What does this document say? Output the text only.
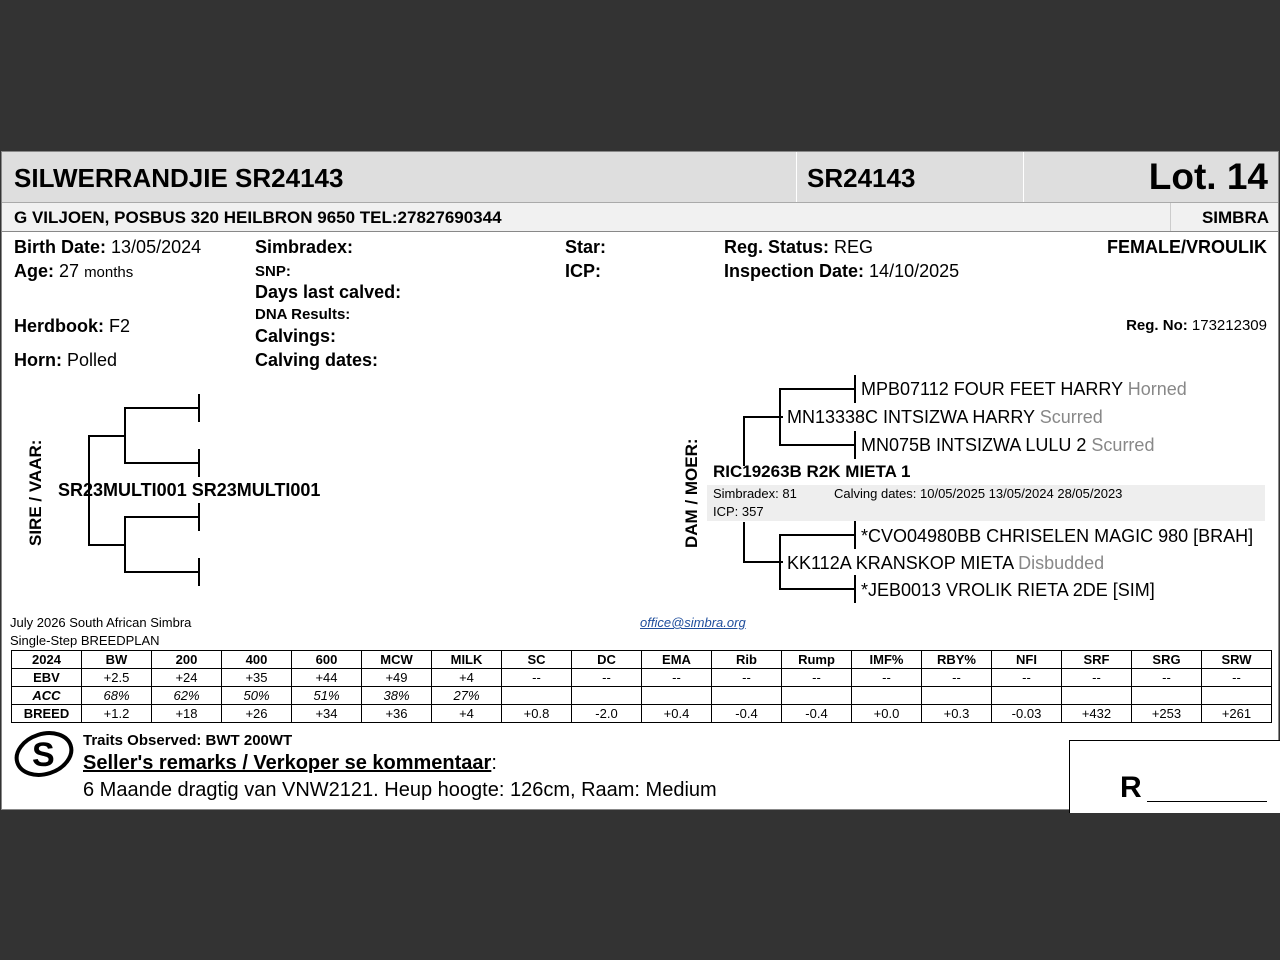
SILWERRANDJIE SR24143	SR24143	Lot. 14
G VILJOEN, POSBUS 320 HEILBRON 9650 TEL:27827690344	SIMBRA
Birth Date: 13/05/2024
Age: 27 months
Herdbook: F2
Horn: Polled
Simbradex:
SNP:
Days last calved:
DNA Results:
Calvings:
Calving dates:
Star:
ICP:
Reg. Status: REG
Inspection Date: 14/10/2025
FEMALE/VROULIK
Reg. No: 173212309
SIRE / VAAR: SR23MULTI001 SR23MULTI001	DAM / MOER:
MPB07112 FOUR FEET HARRY Horned
MN13338C INTSIZWA HARRY Scurred
MN075B INTSIZWA LULU 2 Scurred
RIC19263B R2K MIETA 1
Simbradex: 81	Calving dates: 10/05/2025 13/05/2024 28/05/2023
ICP: 357
*CVO04980BB CHRISELEN MAGIC 980 [BRAH]
KK112A KRANSKOP MIETA Disbudded
*JEB0013 VROLIK RIETA 2DE [SIM]
July 2026 South African Simbra
Single-Step BREEDPLAN
office@simbra.org
2024	BW	200	400	600	MCW	MILK	SC	DC	EMA	Rib	Rump	IMF%	RBY%	NFI	SRF	SRG	SRW
EBV	+2.5	+24	+35	+44	+49	+4	--	--	--	--	--	--	--	--	--	--	--
ACC	68%	62%	50%	51%	38%	27%											
BREED	+1.2	+18	+26	+34	+36	+4	+0.8	-2.0	+0.4	-0.4	-0.4	+0.0	+0.3	-0.03	+432	+253	+261
S Traits Observed: BWT 200WT
Seller's remarks / Verkoper se kommentaar:
6 Maande dragtig van VNW2121. Heup hoogte: 126cm, Raam: Medium	R
